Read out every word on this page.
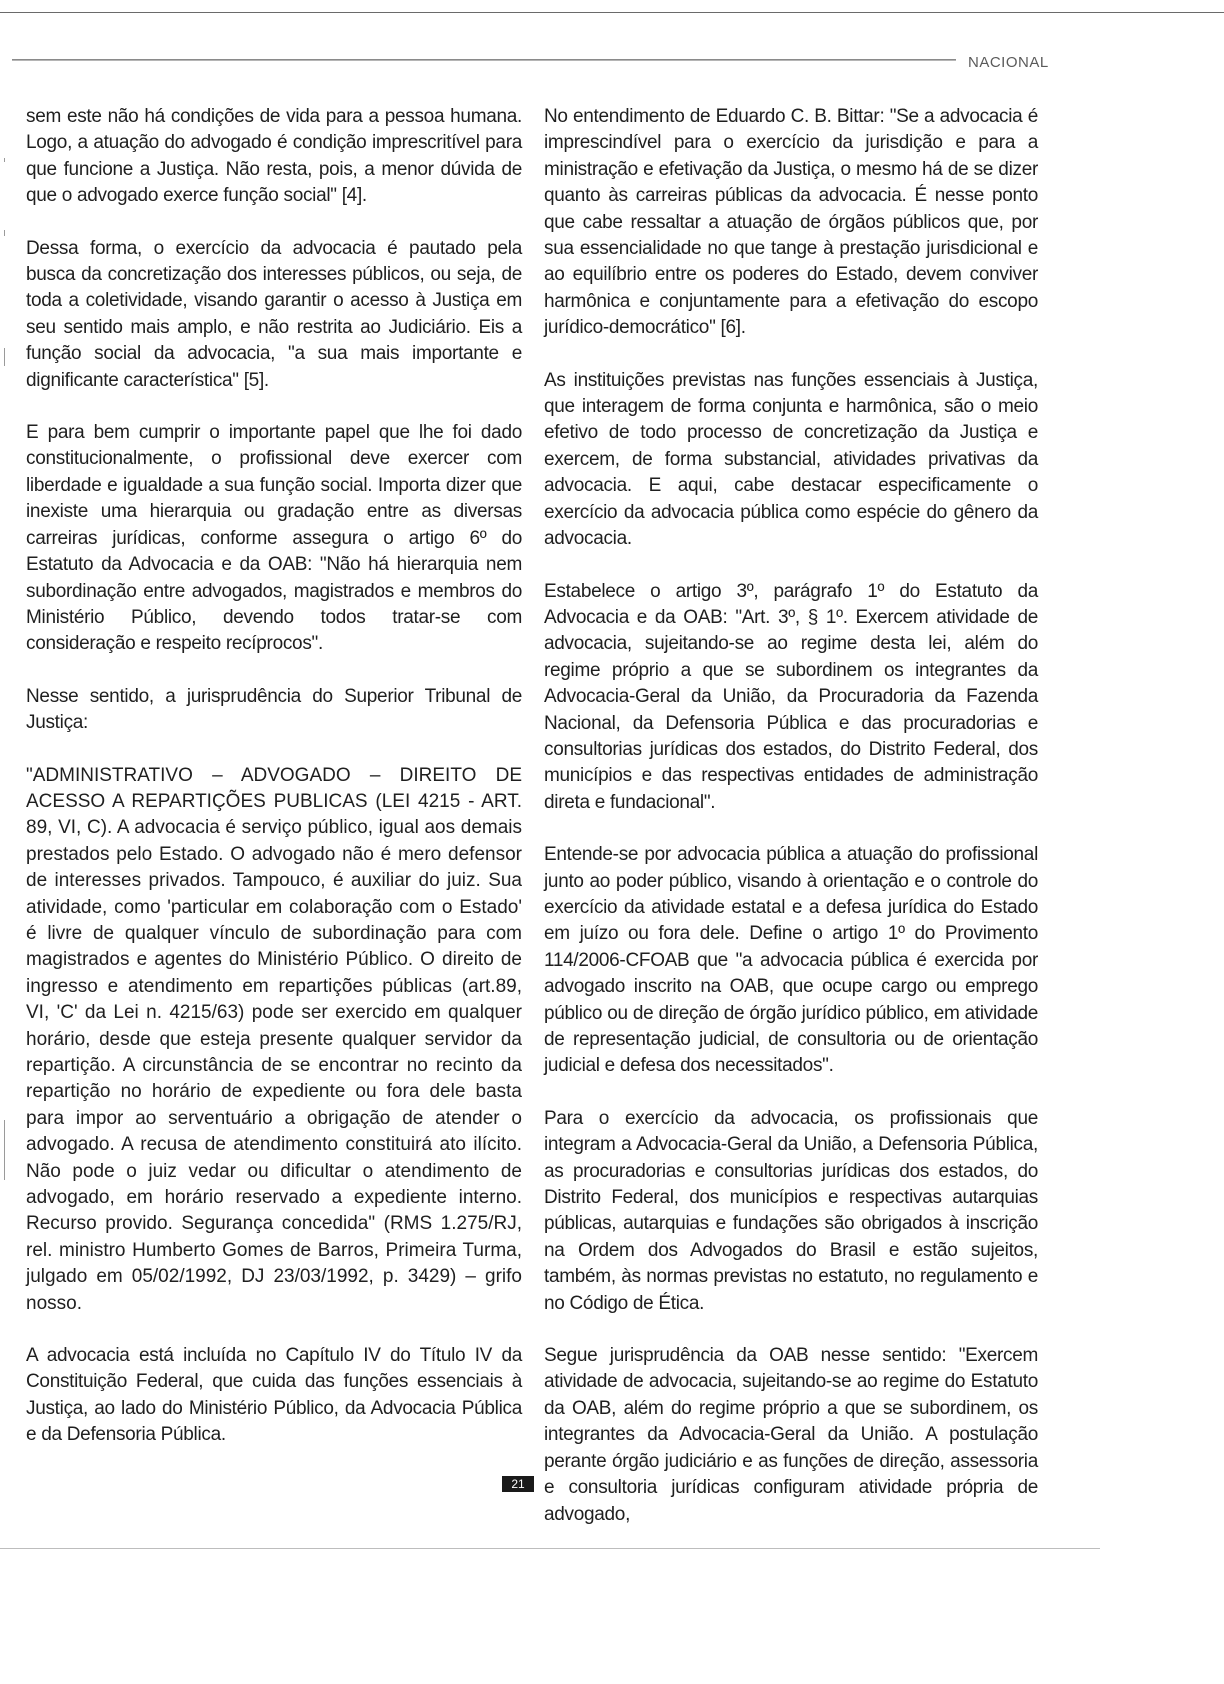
NACIONAL

sem este não há condições de vida para a pessoa humana. Logo, a atuação do advogado é condição imprescritível para que funcione a Justiça. Não resta, pois, a menor dúvida de que o advogado exerce função social" [4].

Dessa forma, o exercício da advocacia é pautado pela busca da concretização dos interesses públicos, ou seja, de toda a coletividade, visando garantir o acesso à Justiça em seu sentido mais amplo, e não restrita ao Judiciário. Eis a função social da advocacia, "a sua mais importante e dignificante característica" [5].

E para bem cumprir o importante papel que lhe foi dado constitucionalmente, o profissional deve exercer com liberdade e igualdade a sua função social. Importa dizer que inexiste uma hierarquia ou gradação entre as diversas carreiras jurídicas, conforme assegura o artigo 6º do Estatuto da Advocacia e da OAB: "Não há hierarquia nem subordinação entre advogados, magistrados e membros do Ministério Público, devendo todos tratar-se com consideração e respeito recíprocos".

Nesse sentido, a jurisprudência do Superior Tribunal de Justiça:

"ADMINISTRATIVO – ADVOGADO – DIREITO DE ACESSO A REPARTIÇÕES PUBLICAS (LEI 4215 - ART. 89, VI, C). A advocacia é serviço público, igual aos demais prestados pelo Estado. O advogado não é mero defensor de interesses privados. Tampouco, é auxiliar do juiz. Sua atividade, como 'particular em colaboração com o Estado' é livre de qualquer vínculo de subordinação para com magistrados e agentes do Ministério Público. O direito de ingresso e atendimento em repartições públicas (art.89, VI, 'C' da Lei n. 4215/63) pode ser exercido em qualquer horário, desde que esteja presente qualquer servidor da repartição. A circunstância de se encontrar no recinto da repartição no horário de expediente ou fora dele basta para impor ao serventuário a obrigação de atender o advogado. A recusa de atendimento constituirá ato ilícito. Não pode o juiz vedar ou dificultar o atendimento de advogado, em horário reservado a expediente interno. Recurso provido. Segurança concedida" (RMS 1.275/RJ, rel. ministro Humberto Gomes de Barros, Primeira Turma, julgado em 05/02/1992, DJ 23/03/1992, p. 3429) – grifo nosso.

A advocacia está incluída no Capítulo IV do Título IV da Constituição Federal, que cuida das funções essenciais à Justiça, ao lado do Ministério Público, da Advocacia Pública e da Defensoria Pública.

No entendimento de Eduardo C. B. Bittar: "Se a advocacia é imprescindível para o exercício da jurisdição e para a ministração e efetivação da Justiça, o mesmo há de se dizer quanto às carreiras públicas da advocacia. É nesse ponto que cabe ressaltar a atuação de órgãos públicos que, por sua essencialidade no que tange à prestação jurisdicional e ao equilíbrio entre os poderes do Estado, devem conviver harmônica e conjuntamente para a efetivação do escopo jurídico-democrático" [6].

As instituições previstas nas funções essenciais à Justiça, que interagem de forma conjunta e harmônica, são o meio efetivo de todo processo de concretização da Justiça e exercem, de forma substancial, atividades privativas da advocacia. E aqui, cabe destacar especificamente o exercício da advocacia pública como espécie do gênero da advocacia.

Estabelece o artigo 3º, parágrafo 1º do Estatuto da Advocacia e da OAB: "Art. 3º, § 1º. Exercem atividade de advocacia, sujeitando-se ao regime desta lei, além do regime próprio a que se subordinem os integrantes da Advocacia-Geral da União, da Procuradoria da Fazenda Nacional, da Defensoria Pública e das procuradorias e consultorias jurídicas dos estados, do Distrito Federal, dos municípios e das respectivas entidades de administração direta e fundacional".

Entende-se por advocacia pública a atuação do profissional junto ao poder público, visando à orientação e o controle do exercício da atividade estatal e a defesa jurídica do Estado em juízo ou fora dele. Define o artigo 1º do Provimento 114/2006-CFOAB que "a advocacia pública é exercida por advogado inscrito na OAB, que ocupe cargo ou emprego público ou de direção de órgão jurídico público, em atividade de representação judicial, de consultoria ou de orientação judicial e defesa dos necessitados".

Para o exercício da advocacia, os profissionais que integram a Advocacia-Geral da União, a Defensoria Pública, as procuradorias e consultorias jurídicas dos estados, do Distrito Federal, dos municípios e respectivas autarquias públicas, autarquias e fundações são obrigados à inscrição na Ordem dos Advogados do Brasil e estão sujeitos, também, às normas previstas no estatuto, no regulamento e no Código de Ética.

Segue jurisprudência da OAB nesse sentido: "Exercem atividade de advocacia, sujeitando-se ao regime do Estatuto da OAB, além do regime próprio a que se subordinem, os integrantes da Advocacia-Geral da União. A postulação perante órgão judiciário e as funções de direção, assessoria e consultoria jurídicas configuram atividade própria de advogado,

21
